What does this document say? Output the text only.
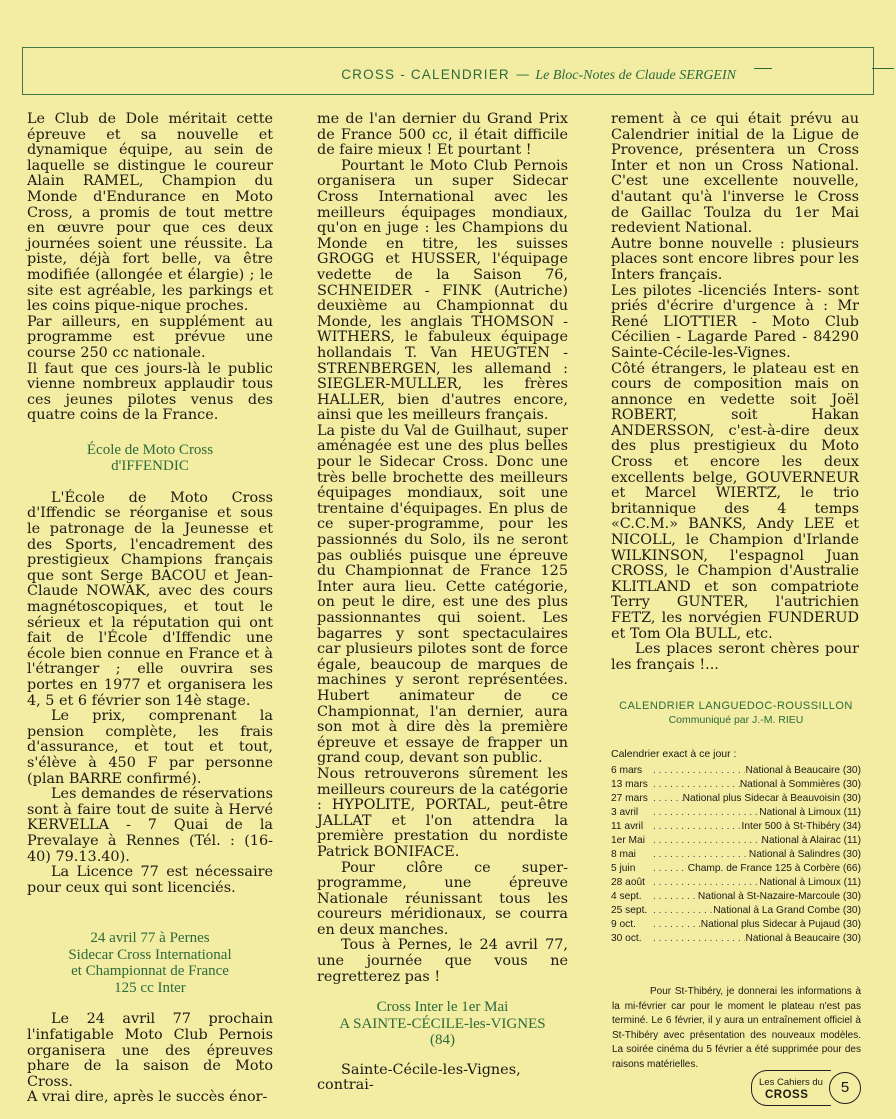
CROSS - CALENDRIER — Le Bloc-Notes de Claude SERGEIN

Le Club de Dole méritait cette épreuve et sa nouvelle et dynamique équipe, au sein de laquelle se distingue le coureur Alain RAMEL, Champion du Monde d'Endurance en Moto Cross, a promis de tout mettre en œuvre pour que ces deux journées soient une réussite. La piste, déjà fort belle, va être modifiée (allongée et élargie) ; le site est agréable, les parkings et les coins pique-nique proches.

Par ailleurs, en supplément au programme est prévue une course 250 cc nationale.

Il faut que ces jours-là le public vienne nombreux applaudir tous ces jeunes pilotes venus des quatre coins de la France.

École de Moto Cross

d'IFFENDIC

L'École de Moto Cross d'Iffendic se réorganise et sous le patronage de la Jeunesse et des Sports, l'encadrement des prestigieux Champions français que sont Serge BACOU et Jean-Claude NOWAK, avec des cours magnétoscopiques, et tout le sérieux et la réputation qui ont fait de l'École d'Iffendic une école bien connue en France et à l'étranger ; elle ouvrira ses portes en 1977 et organisera les 4, 5 et 6 février son 14è stage.

Le prix, comprenant la pension complète, les frais d'assurance, et tout et tout, s'élève à 450 F par personne (plan BARRE confirmé).

Les demandes de réservations sont à faire tout de suite à Hervé KERVELLA - 7 Quai de la Prevalaye à Rennes (Tél. : (16-40) 79.13.40).

La Licence 77 est nécessaire pour ceux qui sont licenciés.

24 avril 77 à Pernes

Sidecar Cross International

et Championnat de France

125 cc Inter

Le 24 avril 77 prochain l'infatigable Moto Club Pernois organisera une des épreuves phare de la saison de Moto Cross.

A vrai dire, après le succès énor-

me de l'an dernier du Grand Prix de France 500 cc, il était difficile de faire mieux ! Et pourtant !

Pourtant le Moto Club Pernois organisera un super Sidecar Cross International avec les meilleurs équipages mondiaux, qu'on en juge : les Champions du Monde en titre, les suisses GROGG et HUSSER, l'équipage vedette de la Saison 76, SCHNEIDER - FINK (Autriche) deuxième au Championnat du Monde, les anglais THOMSON - WITHERS, le fabuleux équipage hollandais T. Van HEUGTEN - STRENBERGEN, les allemand : SIEGLER-MULLER, les frères HALLER, bien d'autres encore, ainsi que les meilleurs français.

La piste du Val de Guilhaut, super aménagée est une des plus belles pour le Sidecar Cross. Donc une très belle brochette des meilleurs équipages mondiaux, soit une trentaine d'équipages. En plus de ce super-programme, pour les passionnés du Solo, ils ne seront pas oubliés puisque une épreuve du Championnat de France 125 Inter aura lieu. Cette catégorie, on peut le dire, est une des plus passionnantes qui soient. Les bagarres y sont spectaculaires car plusieurs pilotes sont de force égale, beaucoup de marques de machines y seront représentées. Hubert animateur de ce Championnat, l'an dernier, aura son mot à dire dès la première épreuve et essaye de frapper un grand coup, devant son public.

Nous retrouverons sûrement les meilleurs coureurs de la catégorie : HYPOLITE, PORTAL, peut-être JALLAT et l'on attendra la première prestation du nordiste Patrick BONIFACE.

Pour clôre ce super-programme, une épreuve Nationale réunissant tous les coureurs méridionaux, se courra en deux manches.

Tous à Pernes, le 24 avril 77, une journée que vous ne regretterez pas !

Cross Inter le 1er Mai

A SAINTE-CÉCILE-les-VIGNES

(84)

Sainte-Cécile-les-Vignes, contrai-

rement à ce qui était prévu au Calendrier initial de la Ligue de Provence, présentera un Cross Inter et non un Cross National. C'est une excellente nouvelle, d'autant qu'à l'inverse le Cross de Gaillac Toulza du 1er Mai redevient National.

Autre bonne nouvelle : plusieurs places sont encore libres pour les Inters français.

Les pilotes -licenciés Inters- sont priés d'écrire d'urgence à : Mr René LIOTTIER - Moto Club Cécilien - Lagarde Pared - 84290 Sainte-Cécile-les-Vignes.

Côté étrangers, le plateau est en cours de composition mais on annonce en vedette soit Joël ROBERT, soit Hakan ANDERSSON, c'est-à-dire deux des plus prestigieux du Moto Cross et encore les deux excellents belge, GOUVERNEUR et Marcel WIERTZ, le trio britannique des 4 temps «C.C.M.» BANKS, Andy LEE et NICOLL, le Champion d'Irlande WILKINSON, l'espagnol Juan CROSS, le Champion d'Australie KLITLAND et son compatriote Terry GUNTER, l'autrichien FETZ, les norvégien FUNDERUD et Tom Ola BULL, etc.

Les places seront chères pour les français !...

CALENDRIER LANGUEDOC-ROUSSILLON

Communiqué par J.-M. RIEU

Calendrier exact à ce jour :

6 mars . . .	National à Beaucaire (30)
13 mars . . .	National à Sommières (30)
27 mars . . .	National plus Sidecar à Beauvoisin (30)
3 avril . . .	National à Limoux (11)
11 avril . . .	Inter 500 à St-Thibéry (34)
1er Mai . . .	National à Alairac (11)
8 mai . . .	National à Salindres (30)
5 juin . . .	Champ. de France 125 à Corbère (66)
28 août . . .	National à Limoux (11)
4 sept. . . .	National à St-Nazaire-Marcoule (30)
25 sept. . . .	National à La Grand Combe (30)
9 oct. . . .	National plus Sidecar à Pujaud (30)
30 oct. . . .	National à Beaucaire (30)

Pour St-Thibéry, je donnerai les informations à la mi-février car pour le moment le plateau n'est pas terminé. Le 6 février, il y aura un entraînement officiel à St-Thibéry avec présentation des nouveaux modèles. La soirée cinéma du 5 février a été supprimée pour des raisons matérielles.

Les Cahiers du
CROSS	5
